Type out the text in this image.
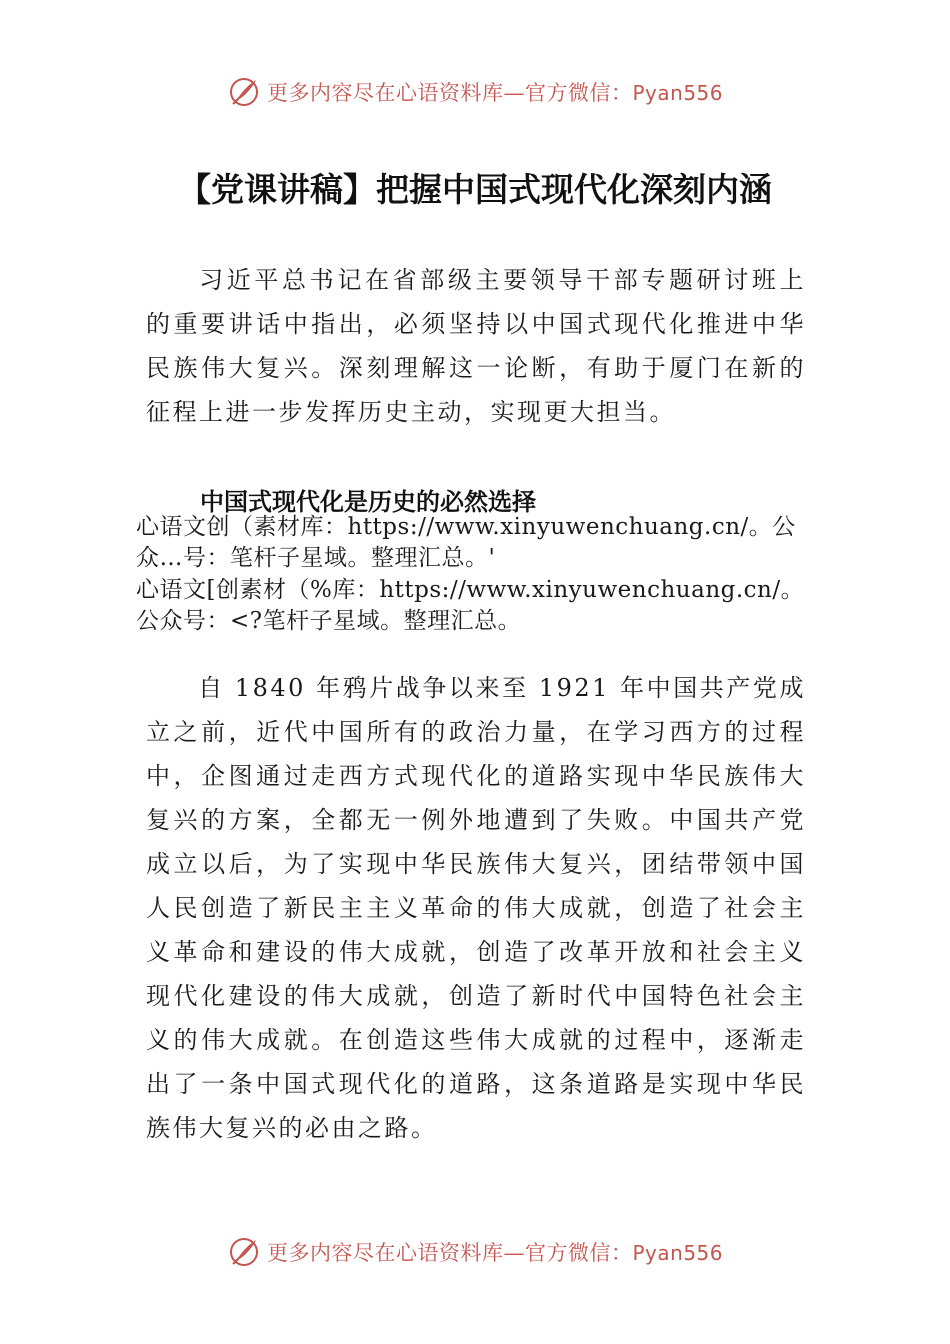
更多内容尽在心语资料库—官方微信：Pyan556
【党课讲稿】把握中国式现代化深刻内涵
习近平总书记在省部级主要领导干部专题研讨班上的重要讲话中指出，必须坚持以中国式现代化推进中华民族伟大复兴。深刻理解这一论断，有助于厦门在新的征程上进一步发挥历史主动，实现更大担当。
中国式现代化是历史的必然选择
心语文创（素材库：https://www.xinyuwenchuang.cn/。公众…号：笔杆子星域。整理汇总。'
心语文[创素材（%库：https://www.xinyuwenchuang.cn/。公众号：<?笔杆子星域。整理汇总。
自 1840 年鸦片战争以来至 1921 年中国共产党成立之前，近代中国所有的政治力量，在学习西方的过程中，企图通过走西方式现代化的道路实现中华民族伟大复兴的方案，全都无一例外地遭到了失败。中国共产党成立以后，为了实现中华民族伟大复兴，团结带领中国人民创造了新民主主义革命的伟大成就，创造了社会主义革命和建设的伟大成就，创造了改革开放和社会主义现代化建设的伟大成就，创造了新时代中国特色社会主义的伟大成就。在创造这些伟大成就的过程中，逐渐走出了一条中国式现代化的道路，这条道路是实现中华民族伟大复兴的必由之路。
更多内容尽在心语资料库—官方微信：Pyan556
